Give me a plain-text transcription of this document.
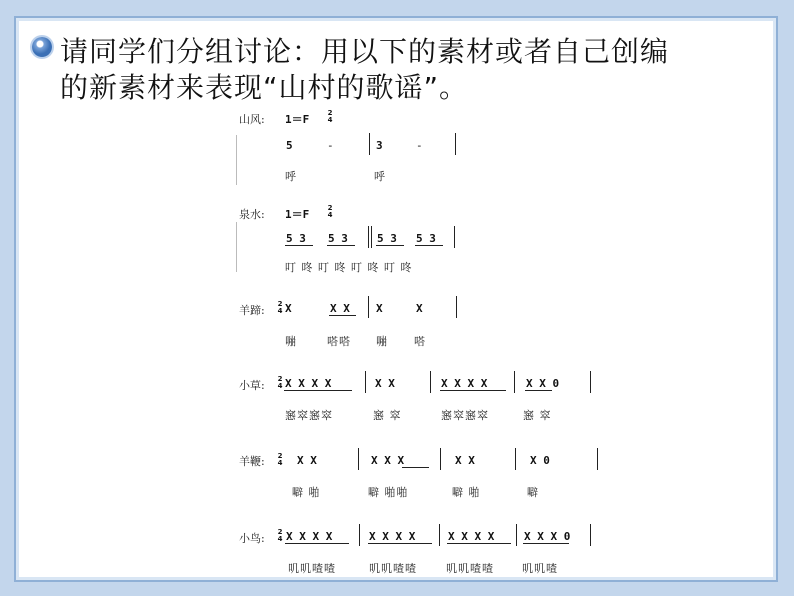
请同学们分组讨论：用以下的素材或者自己创编
的新素材来表现“山村的歌谣”。
山风: 1＝F	2
4
5	-	3	-
呼	呼
泉水: 1＝F	2
4
5 3 5 3	5 3 5 3
叮 咚 叮 咚 叮 咚 叮 咚
羊蹄: 2
4 X	X X X	X
嘣	嗒嗒 嘣 嗒
小草: 2
4 X X X X	X X	X X X X	X X 0
窸窣窸窣	窸 窣	窸窣窸窣	窸 窣
羊鞭: 2
4 X X	X X X	X X	X 0
噼 啪	噼 啪啪	噼 啪	噼
小鸟: 2
4 X X X X	X X X X	X X X X	X X X 0
叽叽喳喳	叽叽喳喳	叽叽喳喳	叽叽喳
